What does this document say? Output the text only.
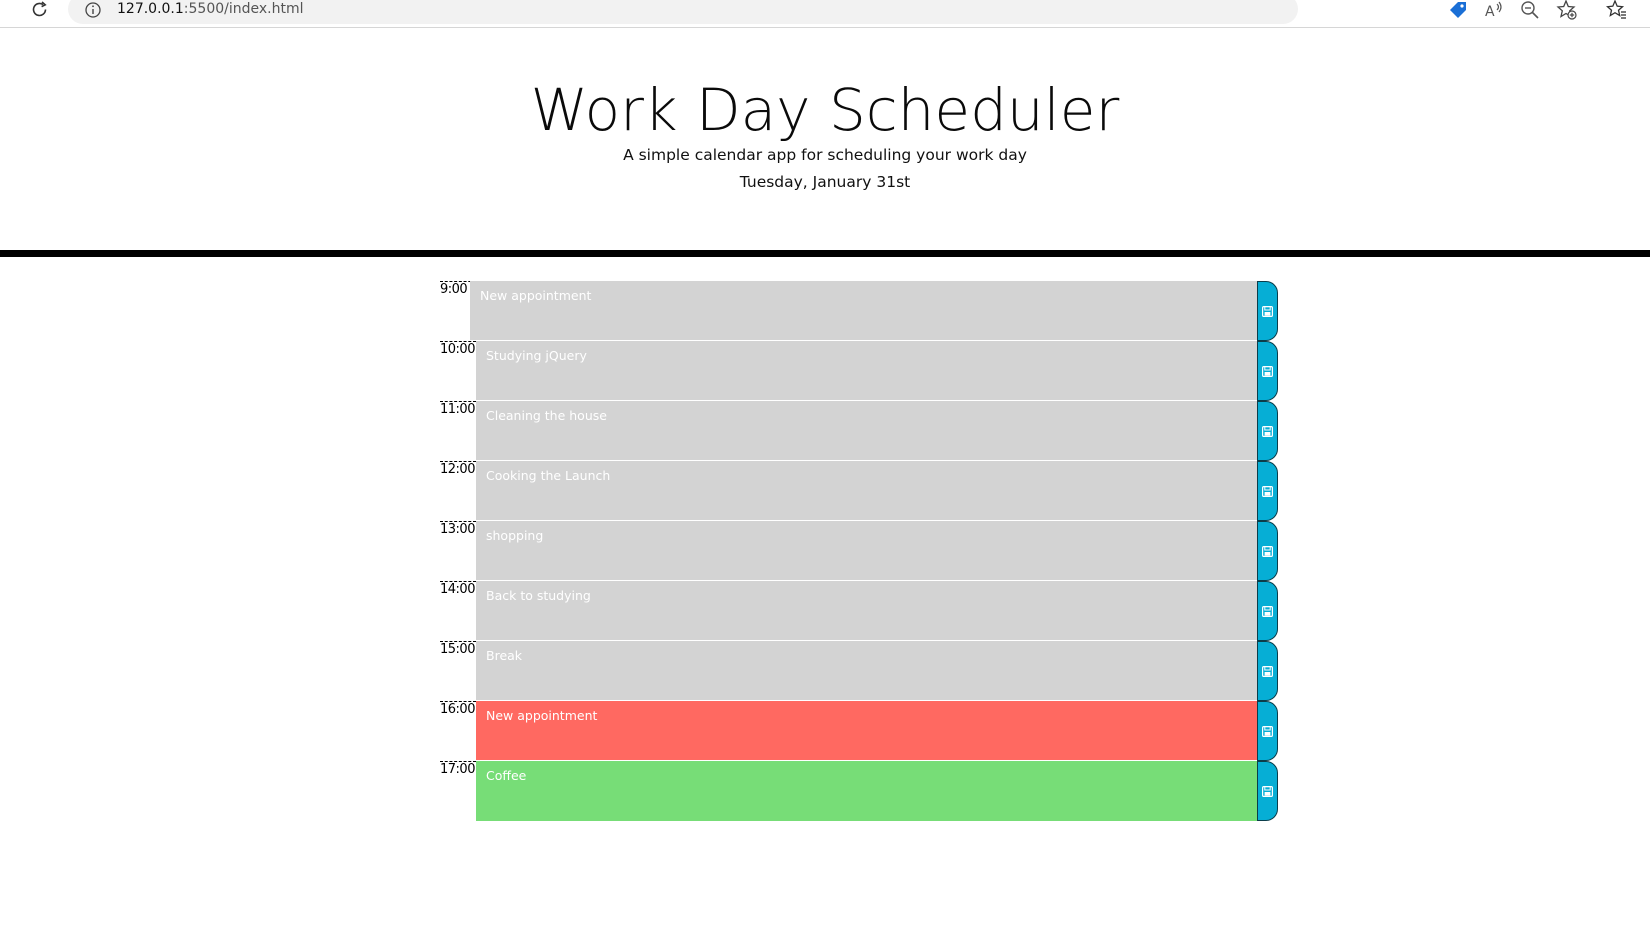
127.0.0.1:5500/index.html	A
Work Day Scheduler

A simple calendar app for scheduling your work day

Tuesday, January 31st

9:00
New appointment
10:00
Studying jQuery
11:00
Cleaning the house
12:00
Cooking the Launch
13:00
shopping
14:00
Back to studying
15:00
Break
16:00
New appointment
17:00
Coffee
